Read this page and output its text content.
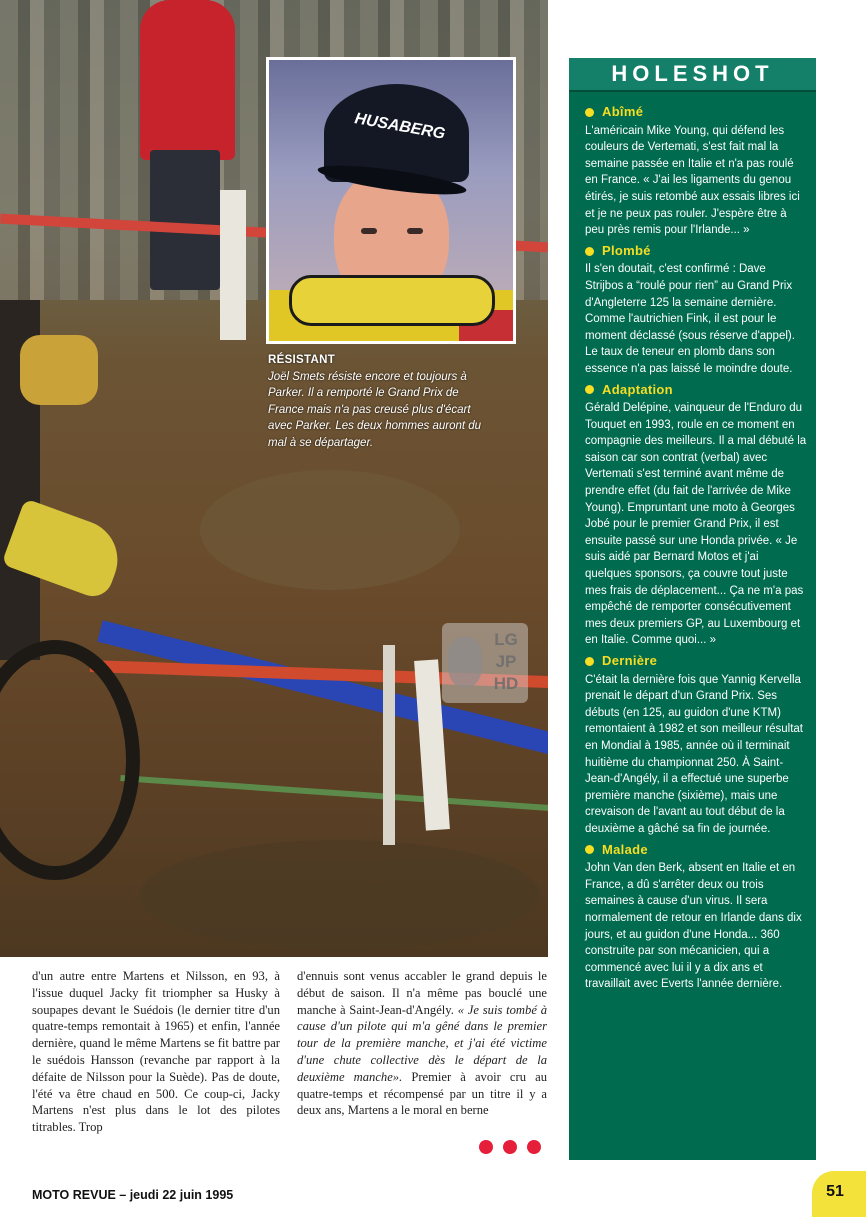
HUSABERG
RÉSISTANT
Joël Smets résiste encore et toujours à
Parker. Il a remporté le Grand Prix de
France mais n'a pas creusé plus d'écart
avec Parker. Les deux hommes auront du
mal à se départager.
LG JP HD
d'un autre entre Martens et Nilsson, en 93, à l'issue duquel Jacky fit triompher sa Husky à soupapes devant le Suédois (le dernier titre d'un quatre-temps remontait à 1965) et enfin, l'année dernière, quand le même Martens se fit battre par le suédois Hansson (revanche par rapport à la défaite de Nilsson pour la Suède). Pas de doute, l'été va être chaud en 500. Ce coup-ci, Jacky Martens n'est plus dans le lot des pilotes titrables. Trop
d'ennuis sont venus accabler le grand depuis le début de saison. Il n'a même pas bouclé une manche à Saint-Jean-d'Angély. « Je suis tombé à cause d'un pilote qui m'a gêné dans le premier tour de la première manche, et j'ai été victime d'une chute collective dès le départ de la deuxième manche». Premier à avoir cru au quatre-temps et récompensé par un titre il y a deux ans, Martens a le moral en berne
HOLESHOT
Abîmé

L'américain Mike Young, qui défend les couleurs de Vertemati, s'est fait mal la semaine passée en Italie et n'a pas roulé en France. « J'ai les ligaments du genou étirés, je suis retombé aux essais libres ici et je ne peux pas rouler. J'espère être à peu près remis pour l'Irlande... »

Plombé

Il s'en doutait, c'est confirmé : Dave Strijbos a “roulé pour rien” au Grand Prix d'Angleterre 125 la semaine dernière. Comme l'autrichien Fink, il est pour le moment déclassé (sous réserve d'appel). Le taux de teneur en plomb dans son essence n'a pas laissé le moindre doute.

Adaptation

Gérald Delépine, vainqueur de l'Enduro du Touquet en 1993, roule en ce moment en compagnie des meilleurs. Il a mal débuté la saison car son contrat (verbal) avec Vertemati s'est terminé avant même de prendre effet (du fait de l'arrivée de Mike Young). Empruntant une moto à Georges Jobé pour le premier Grand Prix, il est ensuite passé sur une Honda privée. « Je suis aidé par Bernard Motos et j'ai quelques sponsors, ça couvre tout juste mes frais de déplacement... Ça ne m'a pas empêché de remporter consécutivement mes deux premiers GP, au Luxembourg et en Italie. Comme quoi... »

Dernière

C'était la dernière fois que Yannig Kervella prenait le départ d'un Grand Prix. Ses débuts (en 125, au guidon d'une KTM) remontaient à 1982 et son meilleur résultat en Mondial à 1985, année où il terminait huitième du championnat 250. À Saint-Jean-d'Angély, il a effectué une superbe première manche (sixième), mais une crevaison de l'avant au tout début de la deuxième a gâché sa fin de journée.

Malade

John Van den Berk, absent en Italie et en France, a dû s'arrêter deux ou trois semaines à cause d'un virus. Il sera normalement de retour en Irlande dans dix jours, et au guidon d'une Honda... 360 construite par son mécanicien, qui a commencé avec lui il y a dix ans et travaillait avec Everts l'année dernière.

MOTO REVUE – jeudi 22 juin 1995	51
